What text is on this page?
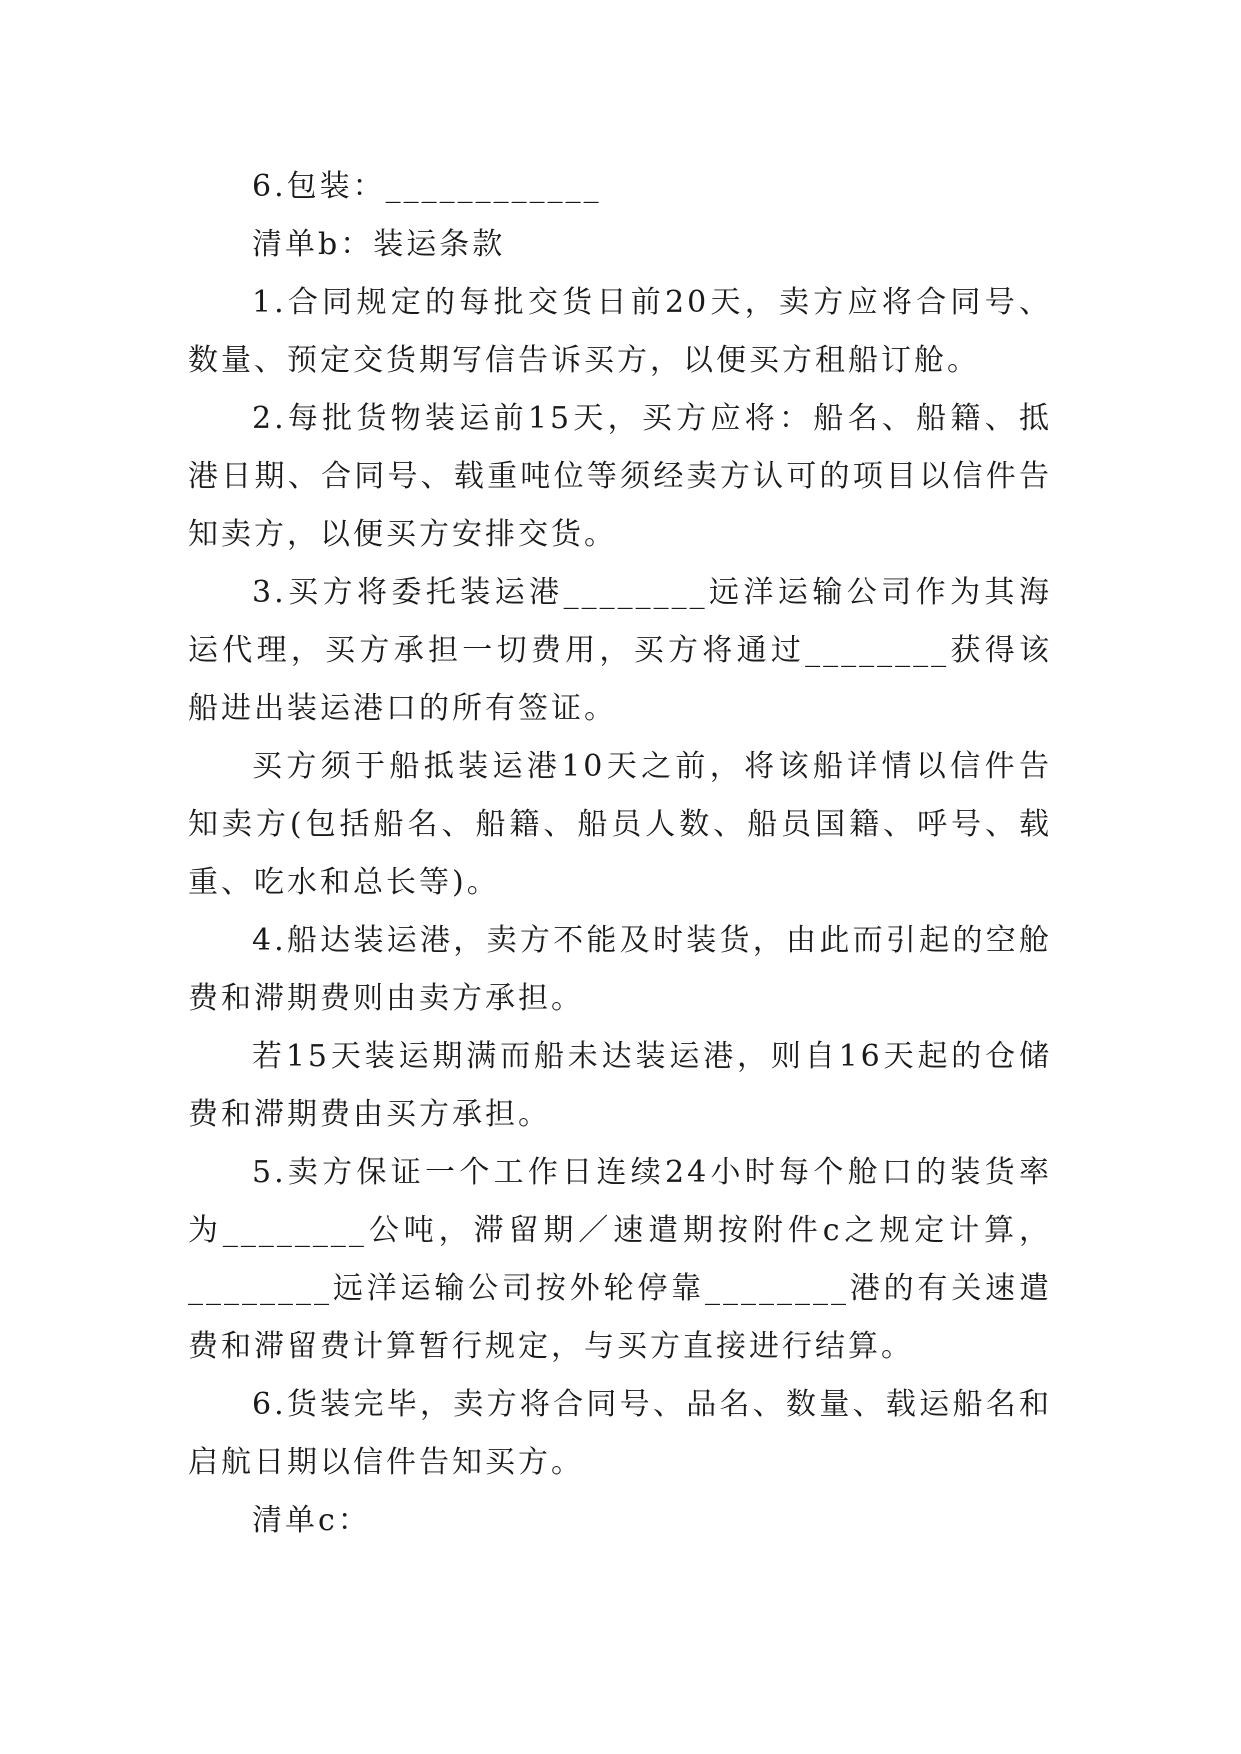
6.包装：____________

清单b：装运条款

1.合同规定的每批交货日前20天，卖方应将合同号、数量、预定交货期写信告诉买方，以便买方租船订舱。

2.每批货物装运前15天，买方应将：船名、船籍、抵港日期、合同号、载重吨位等须经卖方认可的项目以信件告知卖方，以便买方安排交货。

3.买方将委托装运港________远洋运输公司作为其海运代理，买方承担一切费用，买方将通过________获得该船进出装运港口的所有签证。

买方须于船抵装运港10天之前，将该船详情以信件告知卖方(包括船名、船籍、船员人数、船员国籍、呼号、载重、吃水和总长等)。

4.船达装运港，卖方不能及时装货，由此而引起的空舱费和滞期费则由卖方承担。

若15天装运期满而船未达装运港，则自16天起的仓储费和滞期费由买方承担。

5.卖方保证一个工作日连续24小时每个舱口的装货率为________公吨，滞留期／速遣期按附件c之规定计算，________远洋运输公司按外轮停靠________港的有关速遣费和滞留费计算暂行规定，与买方直接进行结算。

6.货装完毕，卖方将合同号、品名、数量、载运船名和启航日期以信件告知买方。

清单c：
